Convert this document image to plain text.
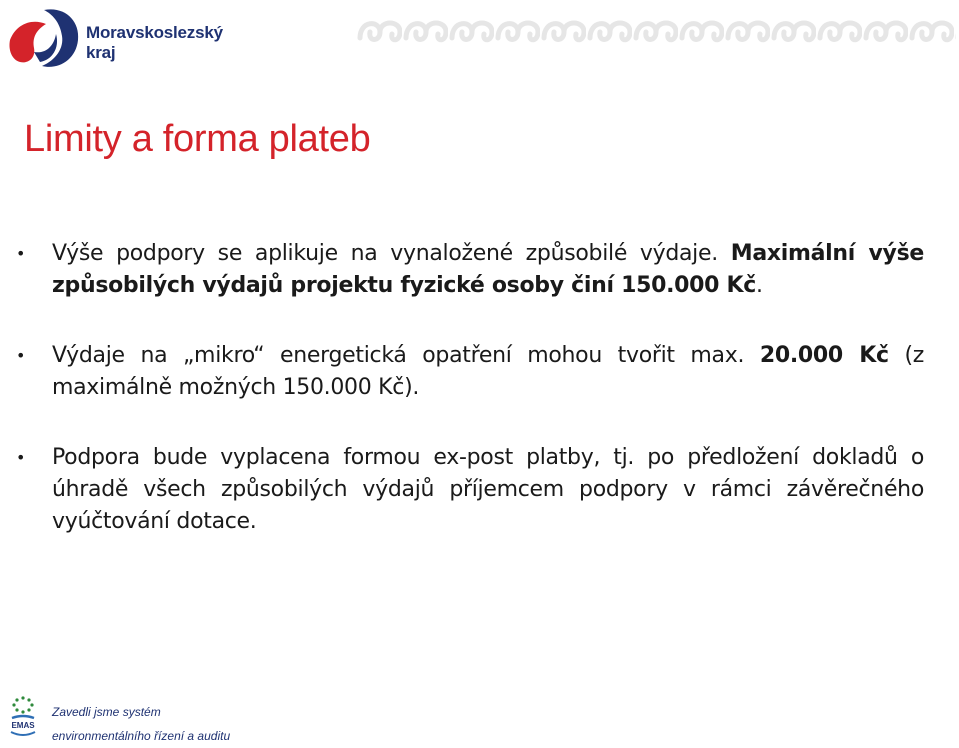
Moravskoslezský
kraj
Limity a forma plateb
• Výše podpory se aplikuje na vynaložené způsobilé výdaje. Maximální výše způsobilých výdajů projektu fyzické osoby činí 150.000 Kč.
• Výdaje na „mikro“ energetická opatření mohou tvořit max. 20.000 Kč (z maximálně možných 150.000 Kč).
• Podpora bude vyplacena formou ex-post platby, tj. po předložení dokladů o úhradě všech způsobilých výdajů příjemcem podpory v rámci závěrečného vyúčtování dotace.
EMAS
Zavedli jsme systém
environmentálního řízení a auditu
